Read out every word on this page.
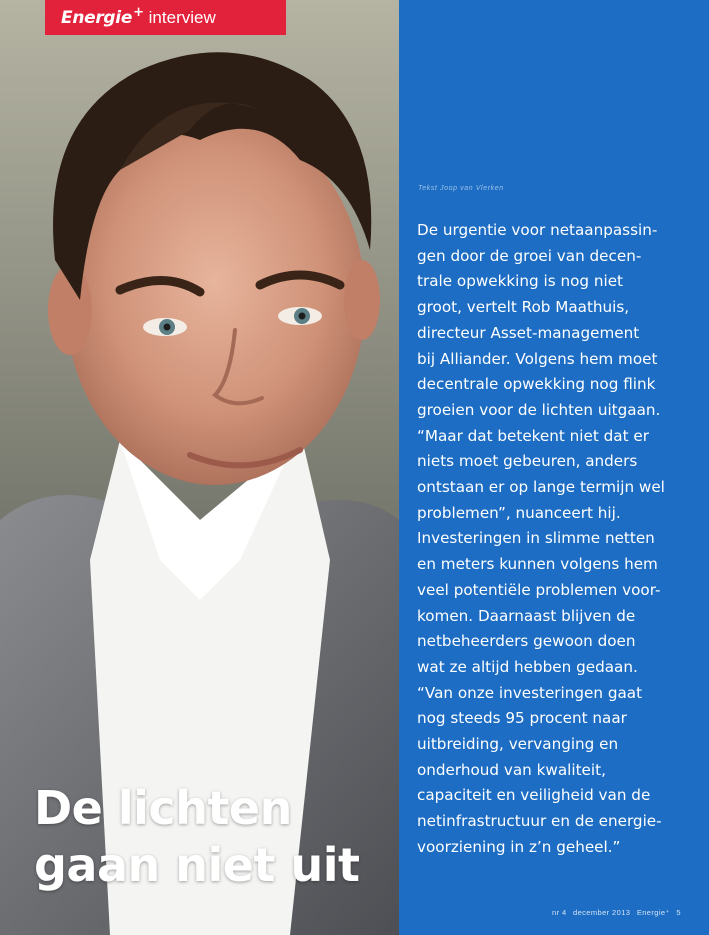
Energie+ interview
Tekst Joop van Vlerken
De urgentie voor netaanpassin-
gen door de groei van decen-
trale opwekking is nog niet
groot, vertelt Rob Maathuis,
directeur Asset-management
bij Alliander. Volgens hem moet
decentrale opwekking nog flink
groeien voor de lichten uitgaan.
“Maar dat betekent niet dat er
niets moet gebeuren, anders
ontstaan er op lange termijn wel
problemen”, nuanceert hij.
Investeringen in slimme netten
en meters kunnen volgens hem
veel potentiële problemen voor-
komen. Daarnaast blijven de
netbeheerders gewoon doen
wat ze altijd hebben gedaan.
“Van onze investeringen gaat
nog steeds 95 procent naar
uitbreiding, vervanging en
onderhoud van kwaliteit,
capaciteit en veiligheid van de
netinfrastructuur en de energie-
voorziening in z’n geheel.”
De lichten
gaan niet uit
nr 4 december 2013 Energie⁺ 5
